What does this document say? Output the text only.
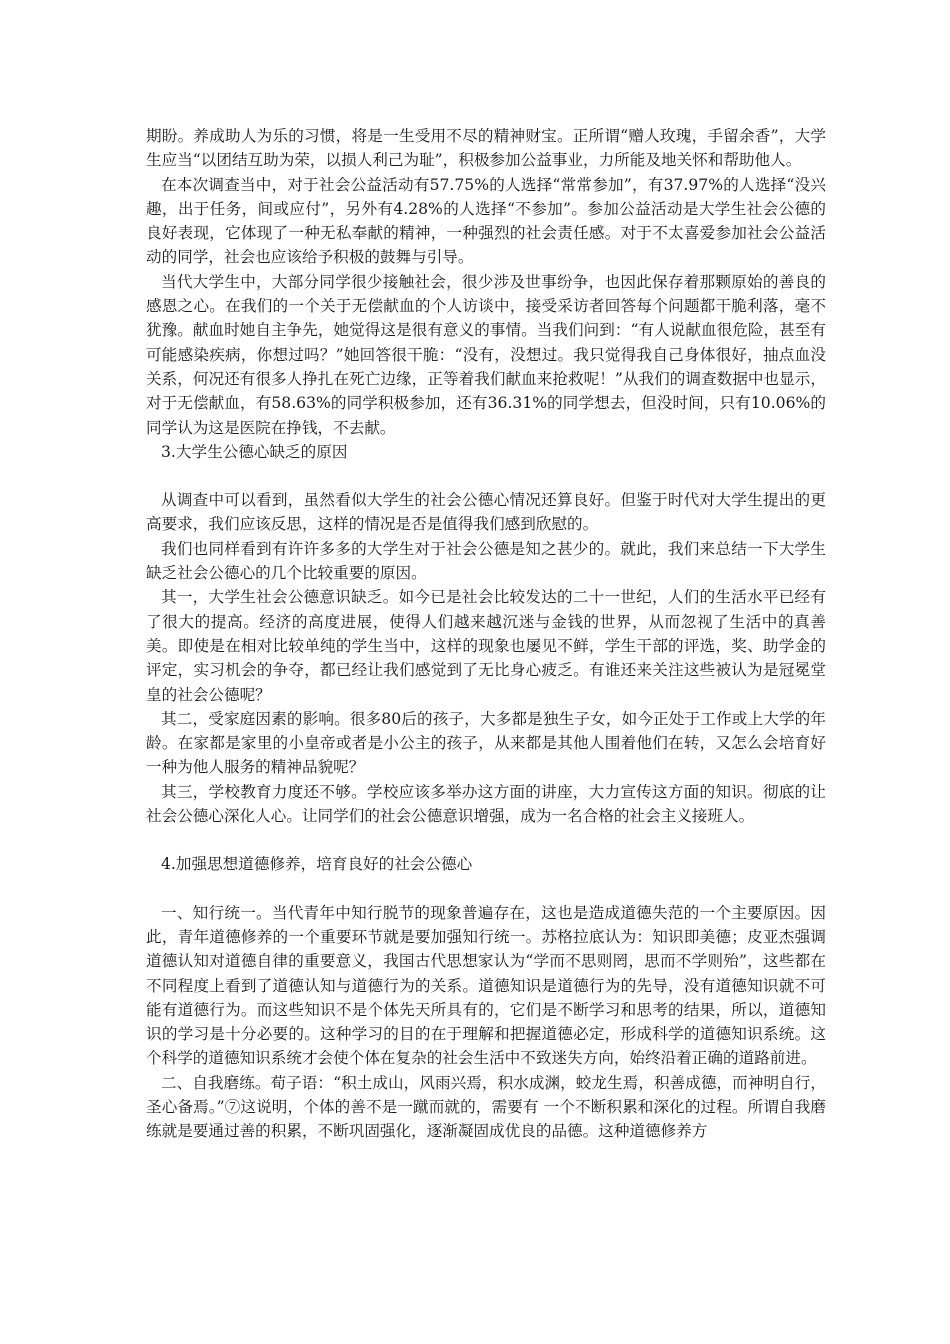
期盼。养成助人为乐的习惯，将是一生受用不尽的精神财宝。正所谓“赠人玫瑰，手留余香”，大学生应当“以团结互助为荣，以损人利己为耻”，积极参加公益事业，力所能及地关怀和帮助他人。

在本次调查当中，对于社会公益活动有57.75%的人选择“常常参加”，有37.97%的人选择“没兴趣，出于任务，间或应付”，另外有4.28%的人选择“不参加”。参加公益活动是大学生社会公德的良好表现，它体现了一种无私奉献的精神，一种强烈的社会责任感。对于不太喜爱参加社会公益活动的同学，社会也应该给予积极的鼓舞与引导。

当代大学生中，大部分同学很少接触社会，很少涉及世事纷争，也因此保存着那颗原始的善良的感恩之心。在我们的一个关于无偿献血的个人访谈中，接受采访者回答每个问题都干脆利落，毫不犹豫。献血时她自主争先，她觉得这是很有意义的事情。当我们问到：“有人说献血很危险，甚至有可能感染疾病，你想过吗？”她回答很干脆：“没有，没想过。我只觉得我自己身体很好，抽点血没关系，何况还有很多人挣扎在死亡边缘，正等着我们献血来抢救呢！”从我们的调查数据中也显示，对于无偿献血，有58.63%的同学积极参加，还有36.31%的同学想去，但没时间，只有10.06%的同学认为这是医院在挣钱，不去献。

3.大学生公德心缺乏的原因

从调查中可以看到，虽然看似大学生的社会公德心情况还算良好。但鉴于时代对大学生提出的更高要求，我们应该反思，这样的情况是否是值得我们感到欣慰的。

我们也同样看到有许许多多的大学生对于社会公德是知之甚少的。就此，我们来总结一下大学生缺乏社会公德心的几个比较重要的原因。

其一，大学生社会公德意识缺乏。如今已是社会比较发达的二十一世纪，人们的生活水平已经有了很大的提高。经济的高度进展，使得人们越来越沉迷与金钱的世界，从而忽视了生活中的真善美。即使是在相对比较单纯的学生当中，这样的现象也屡见不鲜，学生干部的评选，奖、助学金的评定，实习机会的争夺，都已经让我们感觉到了无比身心疲乏。有谁还来关注这些被认为是冠冕堂皇的社会公德呢？

其二，受家庭因素的影响。很多80后的孩子，大多都是独生子女，如今正处于工作或上大学的年龄。在家都是家里的小皇帝或者是小公主的孩子，从来都是其他人围着他们在转，又怎么会培育好一种为他人服务的精神品貌呢？

其三，学校教育力度还不够。学校应该多举办这方面的讲座，大力宣传这方面的知识。彻底的让社会公德心深化人心。让同学们的社会公德意识增强，成为一名合格的社会主义接班人。

4.加强思想道德修养，培育良好的社会公德心

一、知行统一。当代青年中知行脱节的现象普遍存在，这也是造成道德失范的一个主要原因。因此，青年道德修养的一个重要环节就是要加强知行统一。苏格拉底认为：知识即美德；皮亚杰强调道德认知对道德自律的重要意义，我国古代思想家认为“学而不思则罔，思而不学则殆”，这些都在不同程度上看到了道德认知与道德行为的关系。道德知识是道德行为的先导，没有道德知识就不可能有道德行为。而这些知识不是个体先天所具有的，它们是不断学习和思考的结果，所以，道德知识的学习是十分必要的。这种学习的目的在于理解和把握道德必定，形成科学的道德知识系统。这个科学的道德知识系统才会使个体在复杂的社会生活中不致迷失方向，始终沿着正确的道路前进。

二、自我磨练。荀子语：“积土成山，风雨兴焉，积水成渊，蛟龙生焉，积善成德，而神明自行，圣心备焉。”⑦这说明，个体的善不是一蹴而就的，需要有 一个不断积累和深化的过程。所谓自我磨练就是要通过善的积累，不断巩固强化，逐渐凝固成优良的品德。这种道德修养方
